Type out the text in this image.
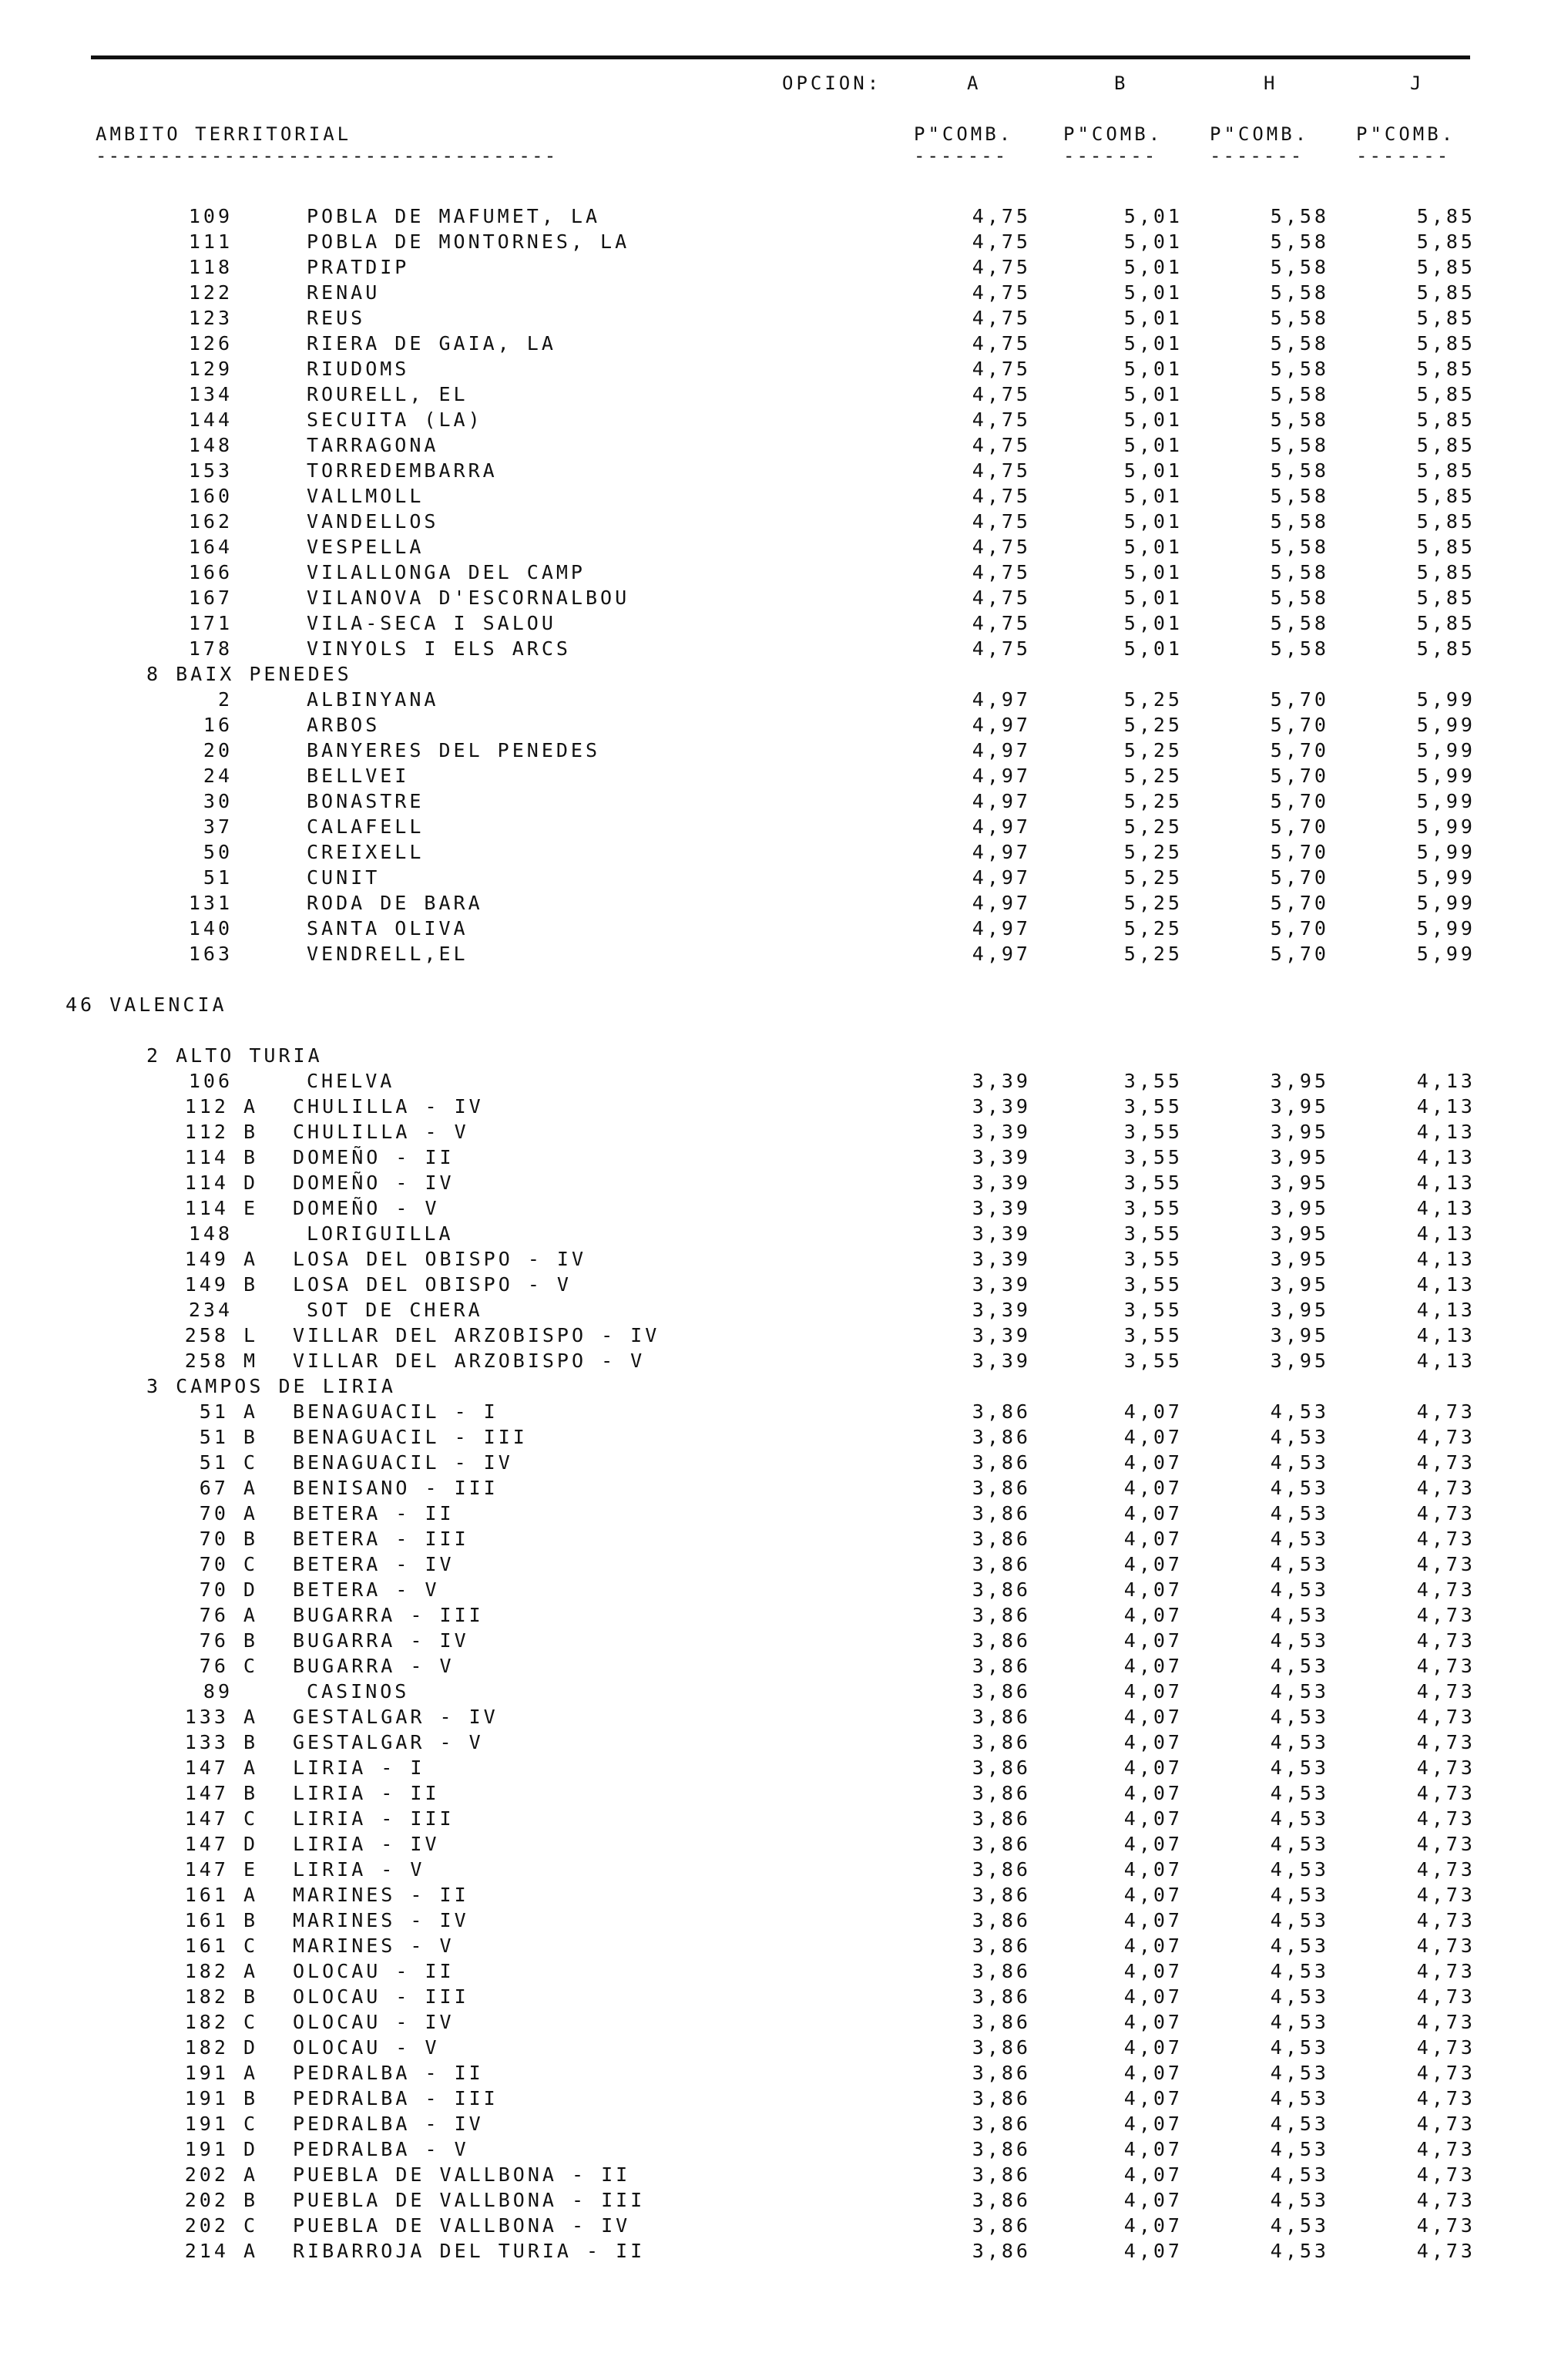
OPCION:	A	B	H	J
AMBITO TERRITORIAL	P"COMB.	P"COMB.	P"COMB.	P"COMB.
------------------------------------	-------	-------	-------	-------
109	POBLA DE MAFUMET, LA	4,75	5,01	5,58	5,85
111	POBLA DE MONTORNES, LA	4,75	5,01	5,58	5,85
118	PRATDIP	4,75	5,01	5,58	5,85
122	RENAU	4,75	5,01	5,58	5,85
123	REUS	4,75	5,01	5,58	5,85
126	RIERA DE GAIA, LA	4,75	5,01	5,58	5,85
129	RIUDOMS	4,75	5,01	5,58	5,85
134	ROURELL, EL	4,75	5,01	5,58	5,85
144	SECUITA (LA)	4,75	5,01	5,58	5,85
148	TARRAGONA	4,75	5,01	5,58	5,85
153	TORREDEMBARRA	4,75	5,01	5,58	5,85
160	VALLMOLL	4,75	5,01	5,58	5,85
162	VANDELLOS	4,75	5,01	5,58	5,85
164	VESPELLA	4,75	5,01	5,58	5,85
166	VILALLONGA DEL CAMP	4,75	5,01	5,58	5,85
167	VILANOVA D'ESCORNALBOU	4,75	5,01	5,58	5,85
171	VILA-SECA I SALOU	4,75	5,01	5,58	5,85
178	VINYOLS I ELS ARCS	4,75	5,01	5,58	5,85
8 BAIX PENEDES
2	ALBINYANA	4,97	5,25	5,70	5,99
16	ARBOS	4,97	5,25	5,70	5,99
20	BANYERES DEL PENEDES	4,97	5,25	5,70	5,99
24	BELLVEI	4,97	5,25	5,70	5,99
30	BONASTRE	4,97	5,25	5,70	5,99
37	CALAFELL	4,97	5,25	5,70	5,99
50	CREIXELL	4,97	5,25	5,70	5,99
51	CUNIT	4,97	5,25	5,70	5,99
131	RODA DE BARA	4,97	5,25	5,70	5,99
140	SANTA OLIVA	4,97	5,25	5,70	5,99
163	VENDRELL,EL	4,97	5,25	5,70	5,99
46 VALENCIA
2 ALTO TURIA
106	CHELVA	3,39	3,55	3,95	4,13
112 A CHULILLA - IV	3,39	3,55	3,95	4,13
112 B CHULILLA - V	3,39	3,55	3,95	4,13
114 B DOMEÑO - II	3,39	3,55	3,95	4,13
114 D DOMEÑO - IV	3,39	3,55	3,95	4,13
114 E DOMEÑO - V	3,39	3,55	3,95	4,13
148	LORIGUILLA	3,39	3,55	3,95	4,13
149 A LOSA DEL OBISPO - IV	3,39	3,55	3,95	4,13
149 B LOSA DEL OBISPO - V	3,39	3,55	3,95	4,13
234	SOT DE CHERA	3,39	3,55	3,95	4,13
258 L VILLAR DEL ARZOBISPO - IV	3,39	3,55	3,95	4,13
258 M VILLAR DEL ARZOBISPO - V	3,39	3,55	3,95	4,13
3 CAMPOS DE LIRIA
51 A BENAGUACIL - I	3,86	4,07	4,53	4,73
51 B BENAGUACIL - III	3,86	4,07	4,53	4,73
51 C BENAGUACIL - IV	3,86	4,07	4,53	4,73
67 A BENISANO - III	3,86	4,07	4,53	4,73
70 A BETERA - II	3,86	4,07	4,53	4,73
70 B BETERA - III	3,86	4,07	4,53	4,73
70 C BETERA - IV	3,86	4,07	4,53	4,73
70 D BETERA - V	3,86	4,07	4,53	4,73
76 A BUGARRA - III	3,86	4,07	4,53	4,73
76 B BUGARRA - IV	3,86	4,07	4,53	4,73
76 C BUGARRA - V	3,86	4,07	4,53	4,73
89	CASINOS	3,86	4,07	4,53	4,73
133 A GESTALGAR - IV	3,86	4,07	4,53	4,73
133 B GESTALGAR - V	3,86	4,07	4,53	4,73
147 A LIRIA - I	3,86	4,07	4,53	4,73
147 B LIRIA - II	3,86	4,07	4,53	4,73
147 C LIRIA - III	3,86	4,07	4,53	4,73
147 D LIRIA - IV	3,86	4,07	4,53	4,73
147 E LIRIA - V	3,86	4,07	4,53	4,73
161 A MARINES - II	3,86	4,07	4,53	4,73
161 B MARINES - IV	3,86	4,07	4,53	4,73
161 C MARINES - V	3,86	4,07	4,53	4,73
182 A OLOCAU - II	3,86	4,07	4,53	4,73
182 B OLOCAU - III	3,86	4,07	4,53	4,73
182 C OLOCAU - IV	3,86	4,07	4,53	4,73
182 D OLOCAU - V	3,86	4,07	4,53	4,73
191 A PEDRALBA - II	3,86	4,07	4,53	4,73
191 B PEDRALBA - III	3,86	4,07	4,53	4,73
191 C PEDRALBA - IV	3,86	4,07	4,53	4,73
191 D PEDRALBA - V	3,86	4,07	4,53	4,73
202 A PUEBLA DE VALLBONA - II	3,86	4,07	4,53	4,73
202 B PUEBLA DE VALLBONA - III	3,86	4,07	4,53	4,73
202 C PUEBLA DE VALLBONA - IV	3,86	4,07	4,53	4,73
214 A RIBARROJA DEL TURIA - II	3,86	4,07	4,53	4,73
